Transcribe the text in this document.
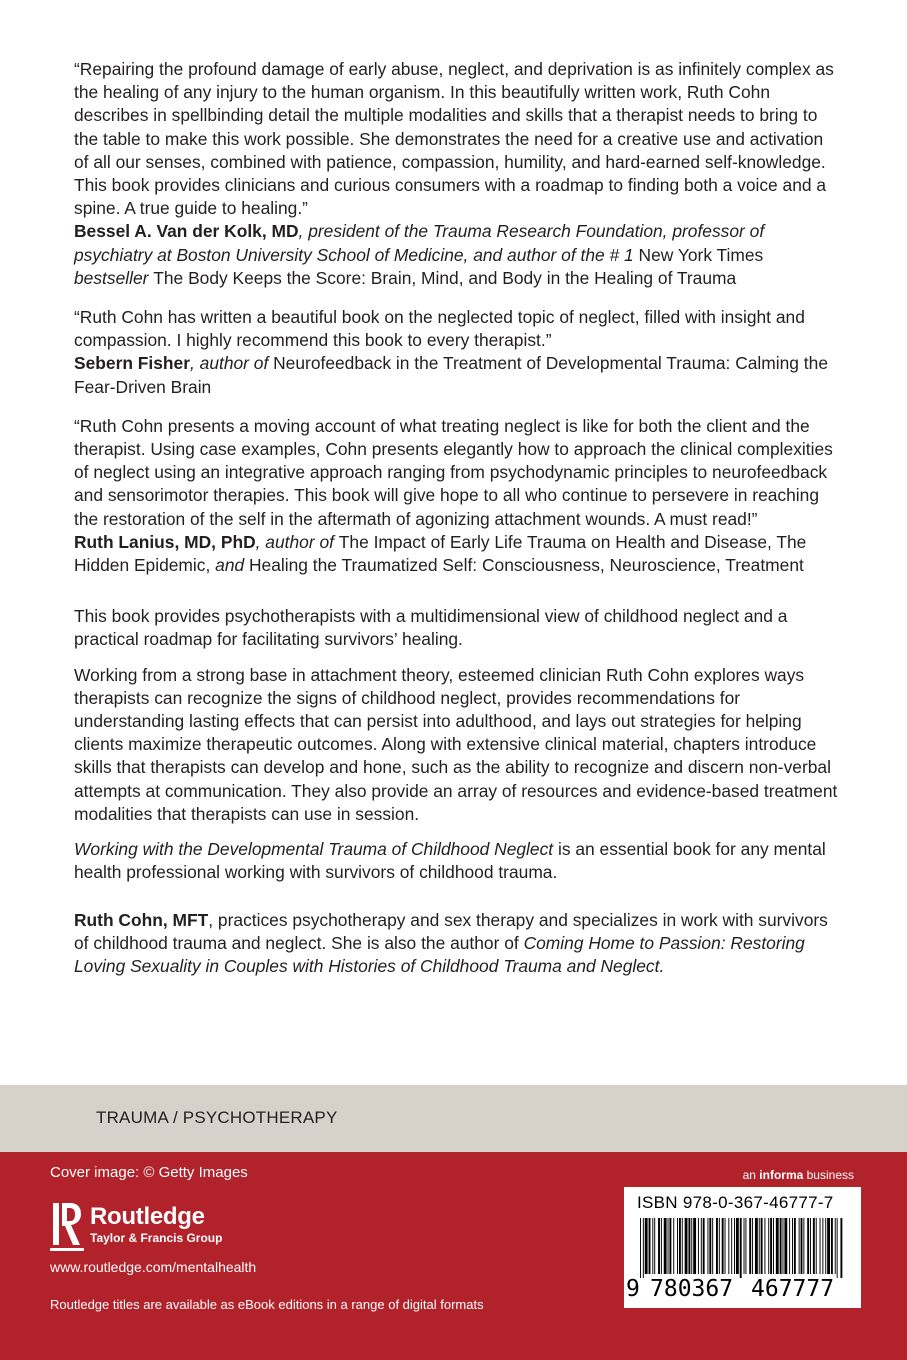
“Repairing the profound damage of early abuse, neglect, and deprivation is as infinitely complex as the healing of any injury to the human organism. In this beautifully written work, Ruth Cohn describes in spellbinding detail the multiple modalities and skills that a therapist needs to bring to the table to make this work possible. She demonstrates the need for a creative use and activation of all our senses, combined with patience, compassion, humility, and hard-earned self-knowledge. This book provides clinicians and curious consumers with a roadmap to finding both a voice and a spine. A true guide to healing.”
Bessel A. Van der Kolk, MD, president of the Trauma Research Foundation, professor of psychiatry at Boston University School of Medicine, and author of the # 1 New York Times bestseller The Body Keeps the Score: Brain, Mind, and Body in the Healing of Trauma

“Ruth Cohn has written a beautiful book on the neglected topic of neglect, filled with insight and compassion. I highly recommend this book to every therapist.”
Sebern Fisher, author of Neurofeedback in the Treatment of Developmental Trauma: Calming the Fear-Driven Brain

“Ruth Cohn presents a moving account of what treating neglect is like for both the client and the therapist. Using case examples, Cohn presents elegantly how to approach the clinical complexities of neglect using an integrative approach ranging from psychodynamic principles to neurofeedback and sensorimotor therapies. This book will give hope to all who continue to persevere in reaching the restoration of the self in the aftermath of agonizing attachment wounds. A must read!”
Ruth Lanius, MD, PhD, author of The Impact of Early Life Trauma on Health and Disease, The Hidden Epidemic, and Healing the Traumatized Self: Consciousness, Neuroscience, Treatment

This book provides psychotherapists with a multidimensional view of childhood neglect and a practical roadmap for facilitating survivors’ healing.

Working from a strong base in attachment theory, esteemed clinician Ruth Cohn explores ways therapists can recognize the signs of childhood neglect, provides recommendations for understanding lasting effects that can persist into adulthood, and lays out strategies for helping clients maximize therapeutic outcomes. Along with extensive clinical material, chapters introduce skills that therapists can develop and hone, such as the ability to recognize and discern non-verbal attempts at communication. They also provide an array of resources and evidence-based treatment modalities that therapists can use in session.

Working with the Developmental Trauma of Childhood Neglect is an essential book for any mental health professional working with survivors of childhood trauma.

Ruth Cohn, MFT, practices psychotherapy and sex therapy and specializes in work with survivors of childhood trauma and neglect. She is also the author of Coming Home to Passion: Restoring Loving Sexuality in Couples with Histories of Childhood Trauma and Neglect.

TRAUMA / PSYCHOTHERAPY
Cover image: © Getty Images
Routledge
Taylor & Francis Group
www.routledge.com/mentalhealth
Routledge titles are available as eBook editions in a range of digital formats
an informa business
ISBN 978-0-367-46777-7
9 780367 467777
